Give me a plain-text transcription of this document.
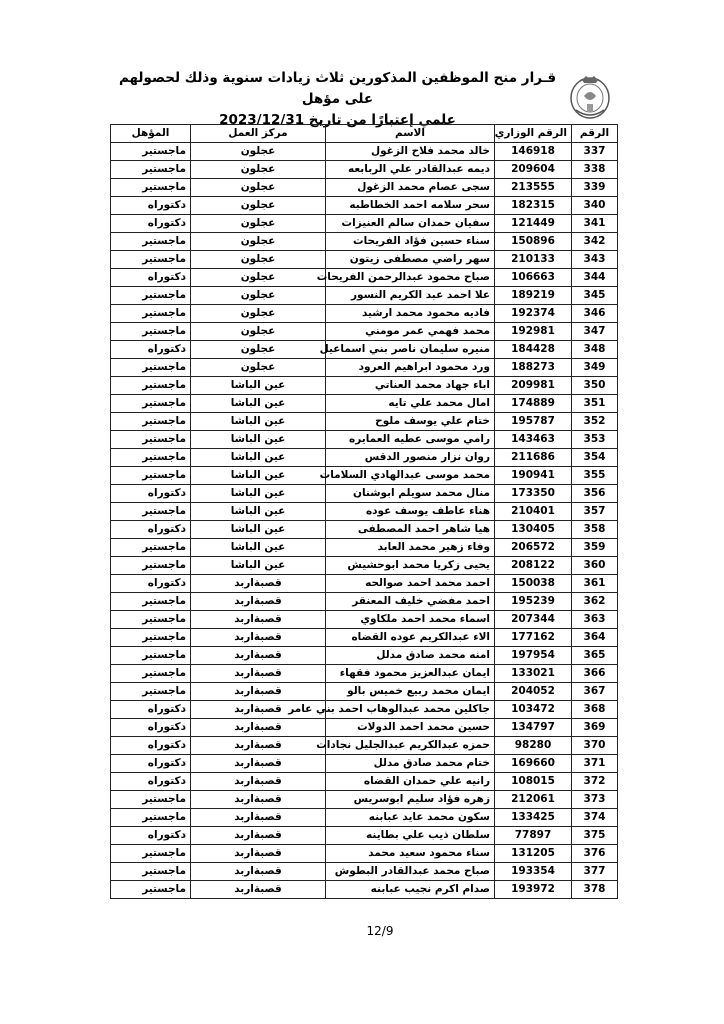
قـرار منح الموظفين المذكورين ثلاث زيادات سنوية وذلك لحصولهم على مؤهل
علمي إعتبارًا من تاريخ 2023/12/31
الرقم	الرقم الوزاري	الاسم	مركز العمل	المؤهل
337	146918	خالد محمد فلاح الزغول	عجلون	ماجستير
338	209604	ديمه عبدالقادر علي الربابعه	عجلون	ماجستير
339	213555	سجى عصام محمد الزغول	عجلون	ماجستير
340	182315	سحر سلامه احمد الخطاطبه	عجلون	دكتوراه
341	121449	سفيان حمدان سالم العنيزات	عجلون	دكتوراه
342	150896	سناء حسين فؤاد الفريحات	عجلون	ماجستير
343	210133	سهر راضي مصطفى زيتون	عجلون	ماجستير
344	106663	صباح محمود عبدالرحمن الفريحات	عجلون	دكتوراه
345	189219	علا احمد عبد الكريم النسور	عجلون	ماجستير
346	192374	فاديه محمود محمد ارشيد	عجلون	ماجستير
347	192981	محمد فهمي عمر مومني	عجلون	ماجستير
348	184428	منيره سليمان ناصر بني اسماعيل	عجلون	دكتوراه
349	188273	ورد محمود ابراهيم العرود	عجلون	ماجستير
350	209981	اباء جهاد محمد العناتي	عين الباشا	ماجستير
351	174889	امال محمد علي تايه	عين الباشا	ماجستير
352	195787	ختام علي يوسف ملوح	عين الباشا	ماجستير
353	143463	رامي موسى عطيه العمايره	عين الباشا	ماجستير
354	211686	روان نزار منصور الدقس	عين الباشا	ماجستير
355	190941	محمد موسى عبدالهادي السلامات	عين الباشا	ماجستير
356	173350	منال محمد سويلم ابوشنان	عين الباشا	دكتوراه
357	210401	هناء عاطف يوسف عوده	عين الباشا	ماجستير
358	130405	هيا شاهر احمد المصطفى	عين الباشا	دكتوراه
359	206572	وفاء زهير محمد العابد	عين الباشا	ماجستير
360	208122	يحيى زكريا محمد ابوحشيش	عين الباشا	ماجستير
361	150038	احمد محمد احمد صوالحه	قصبةاربد	دكتوراه
362	195239	احمد مفضي خليف المعنقر	قصبةاربد	ماجستير
363	207344	اسماء محمد احمد ملكاوي	قصبةاربد	ماجستير
364	177162	الاء عبدالكريم عوده القضاه	قصبةاربد	ماجستير
365	197954	امنه محمد صادق مدلل	قصبةاربد	ماجستير
366	133021	ايمان عبدالعزيز محمود فقهاء	قصبةاربد	ماجستير
367	204052	ايمان محمد ربيع خميس بالو	قصبةاربد	ماجستير
368	103472	جاكلين محمد عبدالوهاب احمد بني عامر	قصبةاربد	دكتوراه
369	134797	حسين محمد احمد الدولات	قصبةاربد	دكتوراه
370	98280	حمزه عبدالكريم عبدالجليل نجادات	قصبةاربد	دكتوراه
371	169660	ختام محمد صادق مدلل	قصبةاربد	دكتوراه
372	108015	رانيه علي حمدان القضاه	قصبةاربد	دكتوراه
373	212061	زهره فؤاد سليم ابوسريس	قصبةاربد	ماجستير
374	133425	سكون محمد عايد عبابنه	قصبةاربد	ماجستير
375	77897	سلطان ذيب علي بطاينه	قصبةاربد	دكتوراه
376	131205	سناء محمود سعيد محمد	قصبةاربد	ماجستير
377	193354	صباح محمد عبدالقادر البطوش	قصبةاربد	ماجستير
378	193972	صدام اكرم نجيب عبابنه	قصبةاربد	ماجستير
12/9
